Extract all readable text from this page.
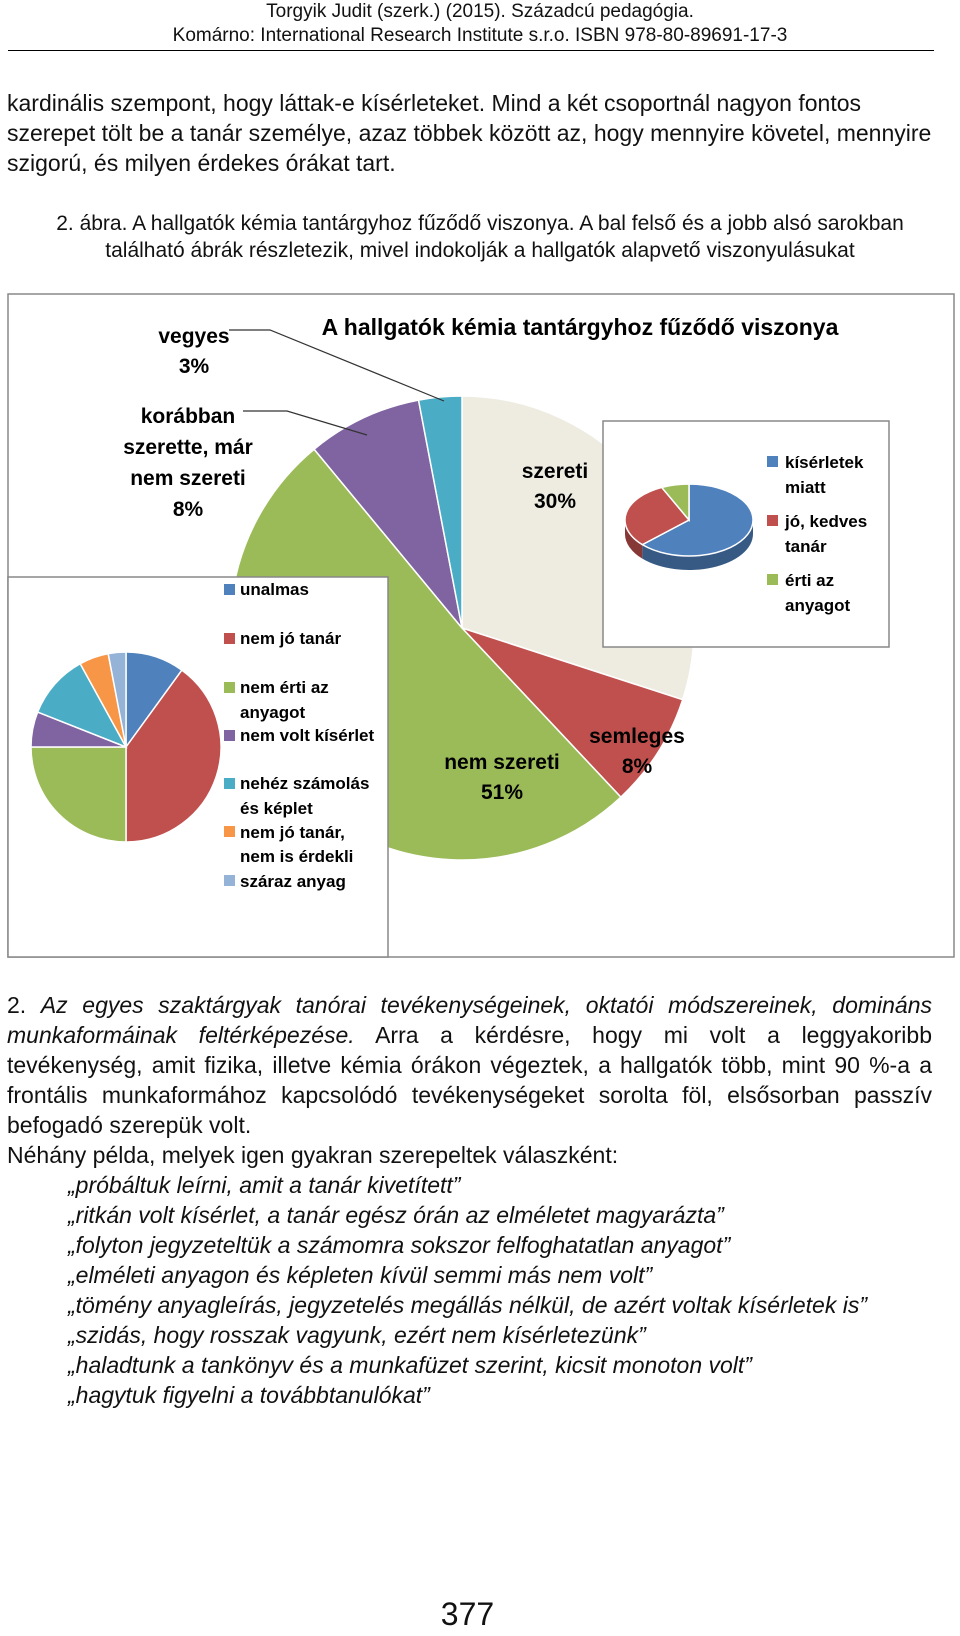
Torgyik Judit (szerk.) (2015). Századcú pedagógia.
Komárno: International Research Institute s.r.o. ISBN 978-80-89691-17-3
kardinális szempont, hogy láttak-e kísérleteket. Mind a két csoportnál nagyon fontos szerepet tölt be a tanár személye, azaz többek között az, hogy mennyire követel, mennyire szigorú, és milyen érdekes órákat tart.
2. ábra. A hallgatók kémia tantárgyhoz fűződő viszonya. A bal felső és a jobb alsó sarokban található ábrák részletezik, mivel indokolják a hallgatók alapvető viszonyulásukat
A hallgatók kémia tantárgyhoz fűződő viszonya
szereti
30%
semleges
8%
nem szereti
51%
vegyes
3%
korábban
szerette, már
nem szereti
8%
kísérletek
miatt
jó, kedves
tanár
érti az
anyagot
unalmas
nem jó tanár
nem érti az
anyagot
nem volt kísérlet
nehéz számolás
és képlet
nem jó tanár,
nem is érdekli
száraz anyag
2. Az egyes szaktárgyak tanórai tevékenységeinek, oktatói módszereinek, domináns munkaformáinak feltérképezése. Arra a kérdésre, hogy mi volt a leggyakoribb tevékenység, amit fizika, illetve kémia órákon végeztek, a hallgatók több, mint 90 %-a a frontális munkaformához kapcsolódó tevékenységeket sorolta föl, elsősorban passzív befogadó szerepük volt.
Néhány példa, melyek igen gyakran szerepeltek válaszként:
„próbáltuk leírni, amit a tanár kivetített”
„ritkán volt kísérlet, a tanár egész órán az elméletet magyarázta”
„folyton jegyzeteltük a számomra sokszor felfoghatatlan anyagot”
„elméleti anyagon és képleten kívül semmi más nem volt”
„tömény anyagleírás, jegyzetelés megállás nélkül, de azért voltak kísérletek is”
„szidás, hogy rosszak vagyunk, ezért nem kísérletezünk”
„haladtunk a tankönyv és a munkafüzet szerint, kicsit monoton volt”
„hagytuk figyelni a továbbtanulókat”
377
